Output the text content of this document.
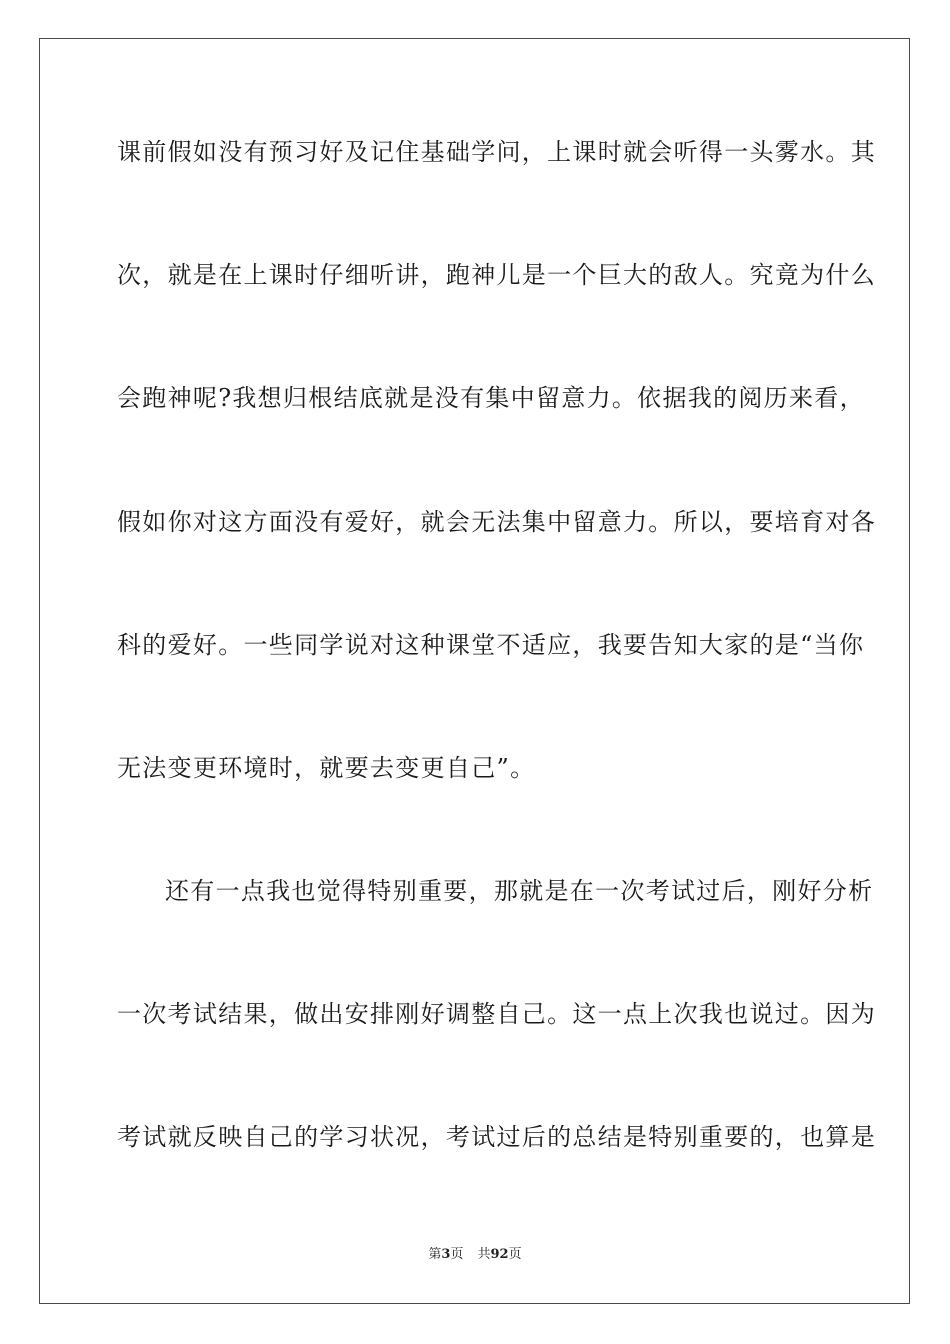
课前假如没有预习好及记住基础学问，上课时就会听得一头雾水。其
次，就是在上课时仔细听讲，跑神儿是一个巨大的敌人。究竟为什么
会跑神呢?我想归根结底就是没有集中留意力。依据我的阅历来看，
假如你对这方面没有爱好，就会无法集中留意力。所以，要培育对各
科的爱好。一些同学说对这种课堂不适应，我要告知大家的是“当你
无法变更环境时，就要去变更自己”。
还有一点我也觉得特别重要，那就是在一次考试过后，刚好分析
一次考试结果，做出安排刚好调整自己。这一点上次我也说过。因为
考试就反映自己的学习状况，考试过后的总结是特别重要的，也算是
第3页 共92页
